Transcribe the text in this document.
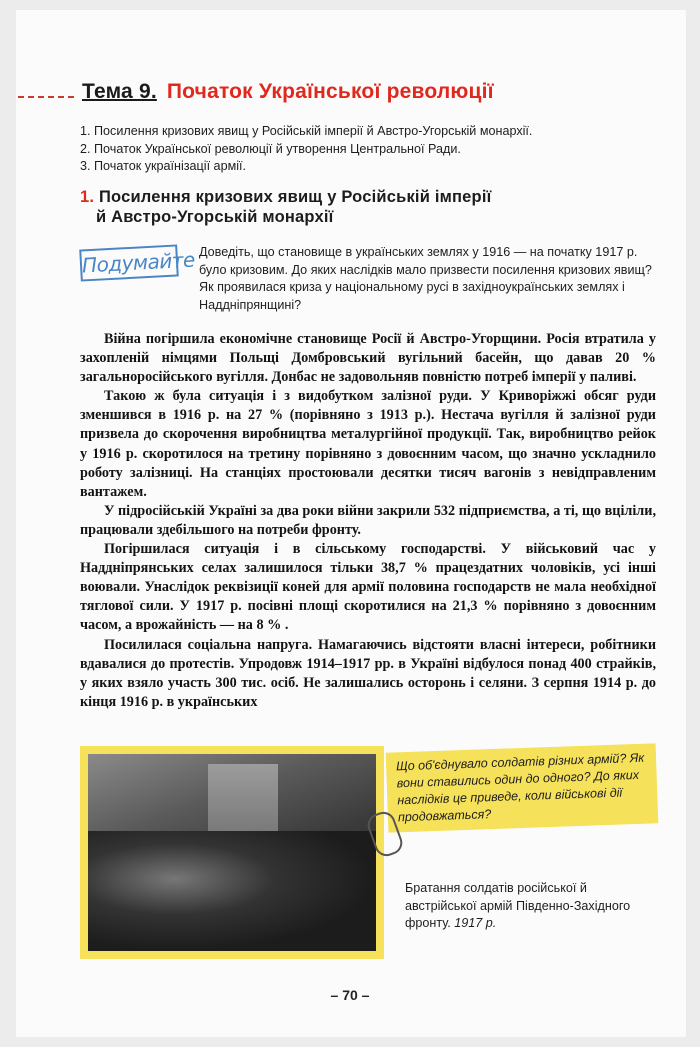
Тема 9. Початок Української революції
1. Посилення кризових явищ у Російській імперії й Австро-Угорській монархії.
2. Початок Української революції й утворення Центральної Ради.
3. Початок українізації армії.
1. Посилення кризових явищ у Російській імперії
й Австро-Угорській монархії
Подумайте Доведіть, що становище в українських землях у 1916 — на початку 1917 р. було кризовим. До яких наслідків мало призвести посилення кризових явищ? Як проявилася криза у національному русі в західноукраїнських землях і Наддніпрянщині?

Війна погіршила економічне становище Росії й Австро-Угорщини. Росія втратила у захопленій німцями Польщі Домбровський вугільний басейн, що давав 20 % загальноросійського вугілля. Донбас не задовольняв повністю потреб імперії у паливі.

Такою ж була ситуація і з видобутком залізної руди. У Криворіжжі обсяг руди зменшився в 1916 р. на 27 % (порівняно з 1913 р.). Нестача вугілля й залізної руди призвела до скорочення виробництва металургійної продукції. Так, виробництво рейок у 1916 р. скоротилося на третину порівняно з довоєнним часом, що значно ускладнило роботу залізниці. На станціях простоювали десятки тисяч вагонів з невідправленим вантажем.

У підросійській Україні за два роки війни закрили 532 підприємства, а ті, що вціліли, працювали здебільшого на потреби фронту.

Погіршилася ситуація і в сільському господарстві. У військовий час у Наддніпрянських селах залишилося тільки 38,7 % працездатних чоловіків, усі інші воювали. Унаслідок реквізиції коней для армії половина господарств не мала необхідної тяглової сили. У 1917 р. посівні площі скоротилися на 21,3 % порівняно з довоєнним часом, а врожайність — на 8 % .

Посилилася соціальна напруга. Намагаючись відстояти власні інтереси, робітники вдавалися до протестів. Упродовж 1914–1917 рр. в Україні відбулося понад 400 страйків, у яких взяло участь 300 тис. осіб. Не залишались осторонь і селяни. З серпня 1914 р. до кінця 1916 р. в українських

Що об'єднувало солдатів різних армій? Як вони ставились один до одного? До яких наслідків це приведе, коли військові дії продовжаться?
Братання солдатів російської й австрійської армій Південно-Західного фронту. 1917 р.
– 70 –
